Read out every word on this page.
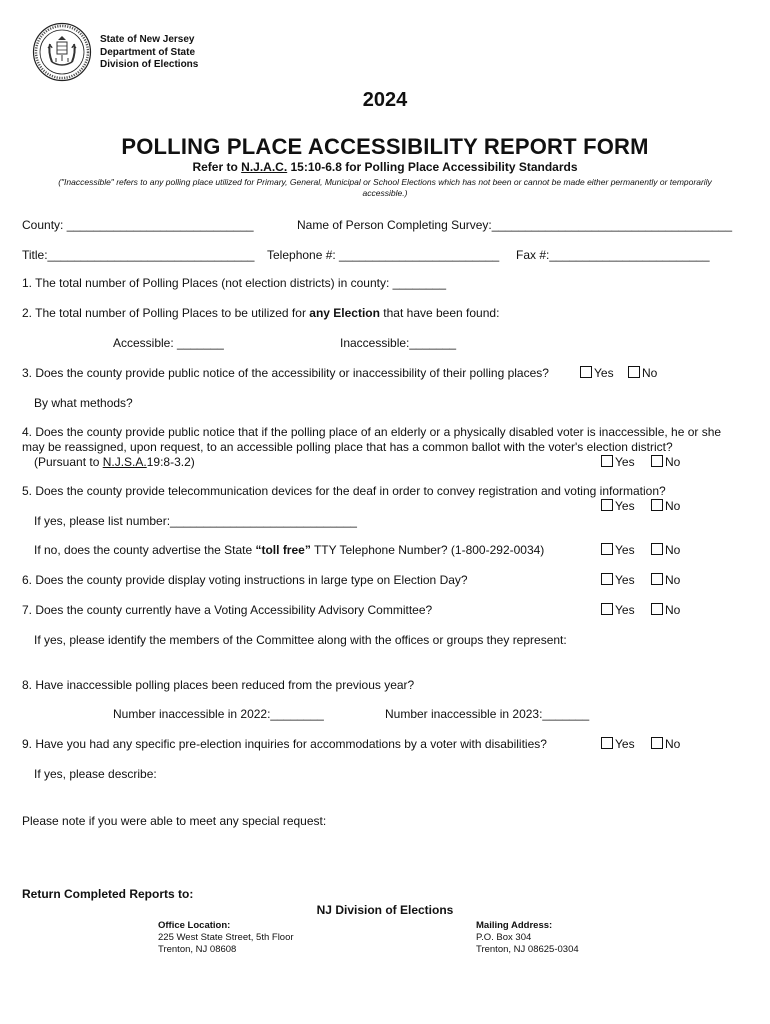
State of New Jersey
Department of State
Division of Elections
2024
POLLING PLACE ACCESSIBILITY REPORT FORM
Refer to N.J.A.C. 15:10-6.8 for Polling Place Accessibility Standards
("Inaccessible" refers to any polling place utilized for Primary, General, Municipal or School Elections which has not been or cannot be made either permanently or temporarily accessible.)
County: ____________________________	Name of Person Completing Survey:____________________________________
Title:_______________________________ Telephone #: ________________________ Fax #:________________________
1. The total number of Polling Places (not election districts) in county: ________
2. The total number of Polling Places to be utilized for any Election that have been found:
Accessible: _______	Inaccessible:_______
3. Does the county provide public notice of the accessibility or inaccessibility of their polling places?	Yes	No
By what methods?
4. Does the county provide public notice that if the polling place of an elderly or a physically disabled voter is inaccessible, he or she may be reassigned, upon request, to an accessible polling place that has a common ballot with the voter's election district?
(Pursuant to N.J.S.A.19:8-3.2)	Yes	No
5. Does the county provide telecommunication devices for the deaf in order to convey registration and voting information?
Yes	No
If yes, please list number:____________________________
If no, does the county advertise the State “toll free” TTY Telephone Number? (1-800-292-0034)	Yes	No
6. Does the county provide display voting instructions in large type on Election Day?	Yes	No
7. Does the county currently have a Voting Accessibility Advisory Committee?	Yes	No
If yes, please identify the members of the Committee along with the offices or groups they represent:
8. Have inaccessible polling places been reduced from the previous year?
Number inaccessible in 2022:________	Number inaccessible in 2023:_______
9. Have you had any specific pre-election inquiries for accommodations by a voter with disabilities?	Yes	No
If yes, please describe:
Please note if you were able to meet any special request:
Return Completed Reports to:
NJ Division of Elections
Office Location:
225 West State Street, 5th Floor
Trenton, NJ 08608
Mailing Address:
P.O. Box 304
Trenton, NJ 08625-0304
